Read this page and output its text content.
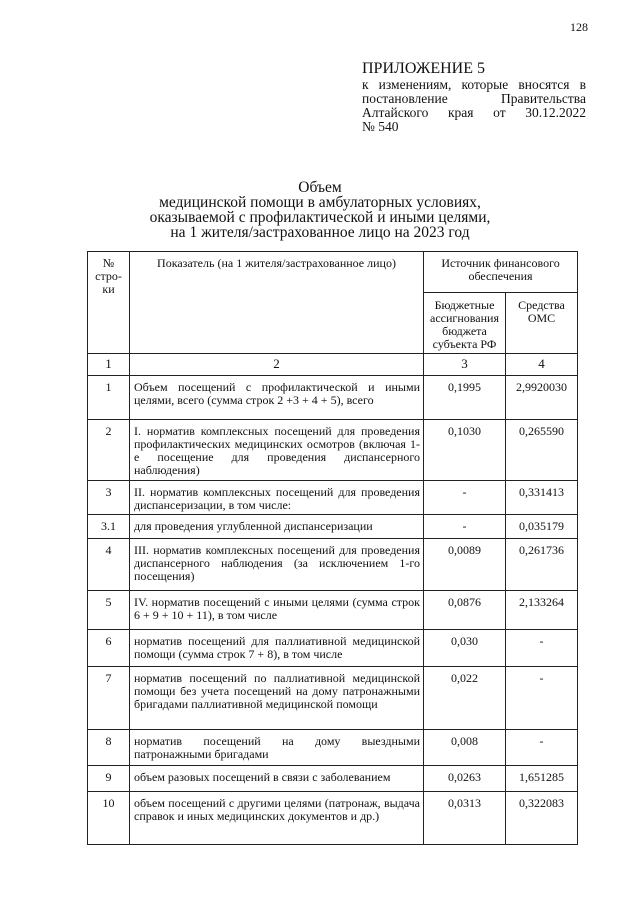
128
ПРИЛОЖЕНИЕ 5
к изменениям, которые вносятся в
постановление Правительства
Алтайского края от 30.12.2022
№ 540
Объем
медицинской помощи в амбулаторных условиях,
оказываемой с профилактической и иными целями,
на 1 жителя/застрахованное лицо на 2023 год
№ стро-ки	Показатель (на 1 жителя/застрахованное лицо)	Источник финансового обеспечения	
		Бюджетные ассигнования бюджета субъекта РФ	Средства ОМС
1	2	3	4
1	Объем посещений с профилактической и иными целями, всего (сумма строк 2 +3 + 4 + 5), всего	0,1995	2,9920030
2	I. норматив комплексных посещений для проведения профилактических медицинских осмотров (включая 1-е посещение для проведения диспансерного наблюдения)	0,1030	0,265590
3	II. норматив комплексных посещений для проведения диспансеризации, в том числе:	-	0,331413
3.1	для проведения углубленной диспансеризации	-	0,035179
4	III. норматив комплексных посещений для проведения диспансерного наблюдения (за исключением 1-го посещения)	0,0089	0,261736
5	IV. норматив посещений с иными целями (сумма строк 6 + 9 + 10 + 11), в том числе	0,0876	2,133264
6	норматив посещений для паллиативной медицинской помощи (сумма строк 7 + 8), в том числе	0,030	-
7	норматив посещений по паллиативной медицинской помощи без учета посещений на дому патронажными бригадами паллиативной медицинской помощи	0,022	-
8	норматив посещений на дому выездными патронажными бригадами	0,008	-
9	объем разовых посещений в связи с заболеванием	0,0263	1,651285
10	объем посещений с другими целями (патронаж, выдача справок и иных медицинских документов и др.)	0,0313	0,322083
